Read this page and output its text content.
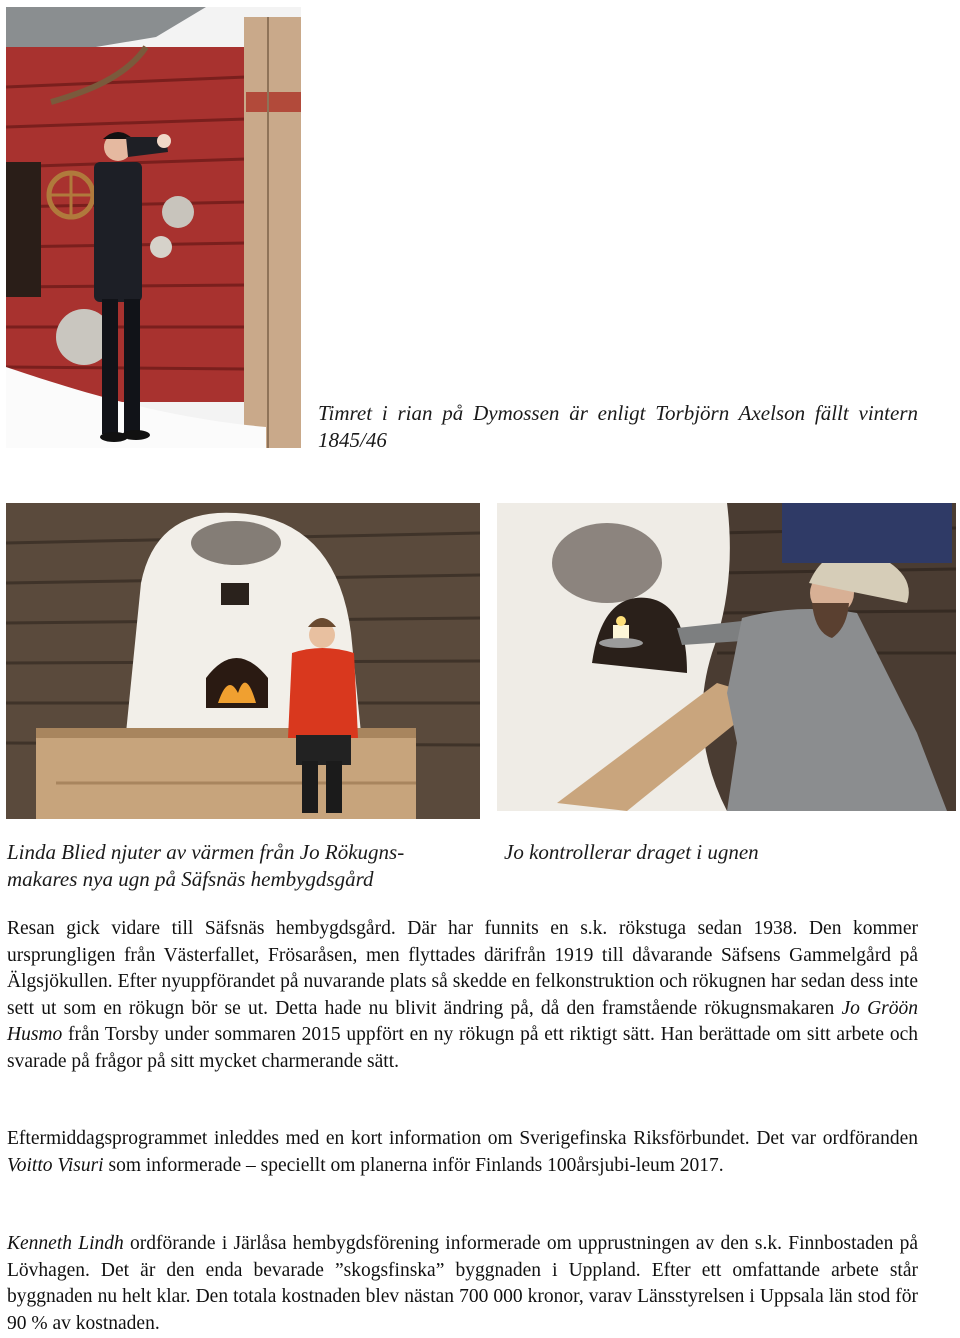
Timret i rian på Dymossen är enligt Torbjörn Axelson fällt vintern 1845/46
Linda Blied njuter av värmen från Jo Rökugns-makares nya ugn på Säfsnäs hembygdsgård
Jo kontrollerar draget i ugnen

Resan gick vidare till Säfsnäs hembygdsgård. Där har funnits en s.k. rökstuga sedan 1938. Den kommer ursprungligen från Västerfallet, Frösaråsen, men flyttades därifrån 1919 till dåvarande Säfsens Gammelgård på Älgsjökullen. Efter nyuppförandet på nuvarande plats så skedde en felkonstruktion och rökugnen har sedan dess inte sett ut som en rökugn bör se ut. Detta hade nu blivit ändring på, då den framstående rökugnsmakaren Jo Gröön Husmo från Torsby under sommaren 2015 uppfört en ny rökugn på ett riktigt sätt. Han berättade om sitt arbete och svarade på frågor på sitt mycket charmerande sätt.

Eftermiddagsprogrammet inleddes med en kort information om Sverigefinska Riksförbundet. Det var ordföranden Voitto Visuri som informerade – speciellt om planerna inför Finlands 100årsjubi-leum 2017.

Kenneth Lindh ordförande i Järlåsa hembygdsförening informerade om upprustningen av den s.k. Finnbostaden på Lövhagen. Det är den enda bevarade ”skogsfinska” byggnaden i Uppland. Efter ett omfattande arbete står byggnaden nu helt klar. Den totala kostnaden blev nästan 700 000 kronor, varav Länsstyrelsen i Uppsala län stod för 90 % av kostnaden.
